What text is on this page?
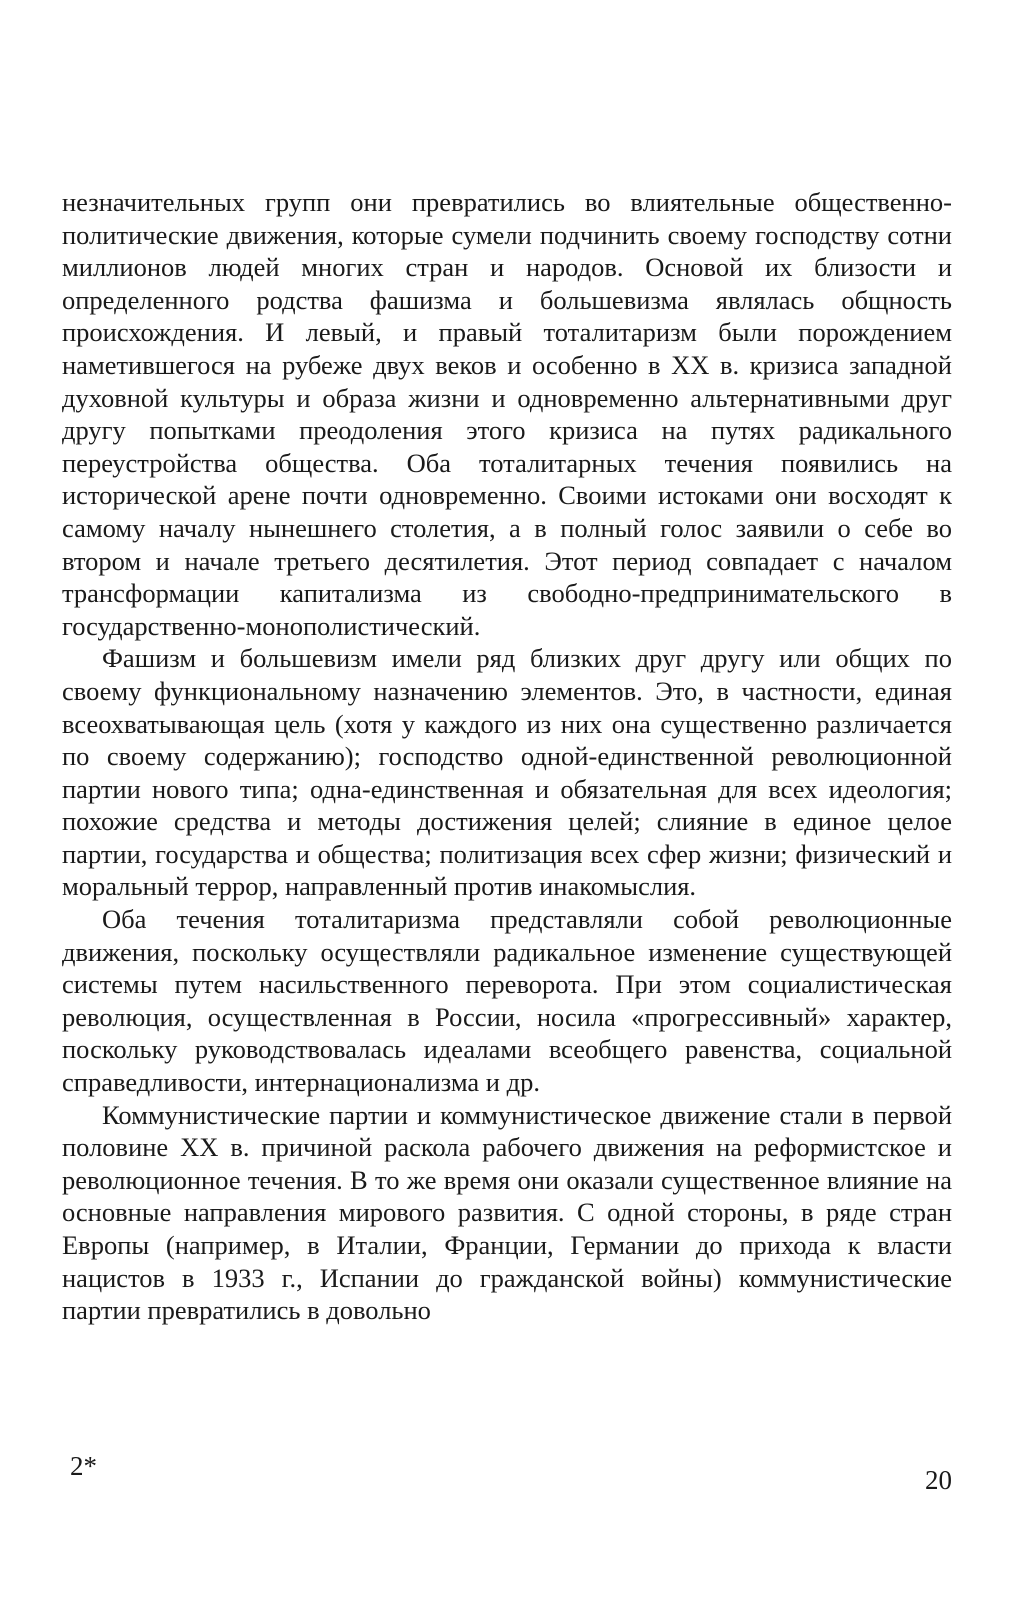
незначительных групп они превратились во влиятельные общественно-политические движения, которые сумели подчинить своему господству сотни миллионов людей многих стран и народов. Основой их близости и определенного родства фашизма и большевизма являлась общность происхождения. И левый, и правый тоталитаризм были порождением наметившегося на рубеже двух веков и особенно в XX в. кризиса западной духовной культуры и образа жизни и одновременно альтернативными друг другу попытками преодоления этого кризиса на путях радикального переустройства общества. Оба тоталитарных течения появились на исторической арене почти одновременно. Своими истоками они восходят к самому началу нынешнего столетия, а в полный голос заявили о себе во втором и начале третьего десятилетия. Этот период совпадает с началом трансформации капитализма из свободно-предпринимательского в государственно-монополистический.

Фашизм и большевизм имели ряд близких друг другу или общих по своему функциональному назначению элементов. Это, в частности, единая всеохватывающая цель (хотя у каждого из них она существенно различается по своему содержанию); господство одной-единственной революционной партии нового типа; одна-единственная и обязательная для всех идеология; похожие средства и методы достижения целей; слияние в единое целое партии, государства и общества; политизация всех сфер жизни; физический и моральный террор, направленный против инакомыслия.

Оба течения тоталитаризма представляли собой революционные движения, поскольку осуществляли радикальное изменение существующей системы путем насильственного переворота. При этом социалистическая революция, осуществленная в России, носила «прогрессивный» характер, поскольку руководствовалась идеалами всеобщего равенства, социальной справедливости, интернационализма и др.

Коммунистические партии и коммунистическое движение стали в первой половине XX в. причиной раскола рабочего движения на реформистское и революционное течения. В то же время они оказали существенное влияние на основные направления мирового развития. С одной стороны, в ряде стран Европы (например, в Италии, Франции, Германии до прихода к власти нацистов в 1933 г., Испании до гражданской войны) коммунистические партии превратились в довольно

2*	20
